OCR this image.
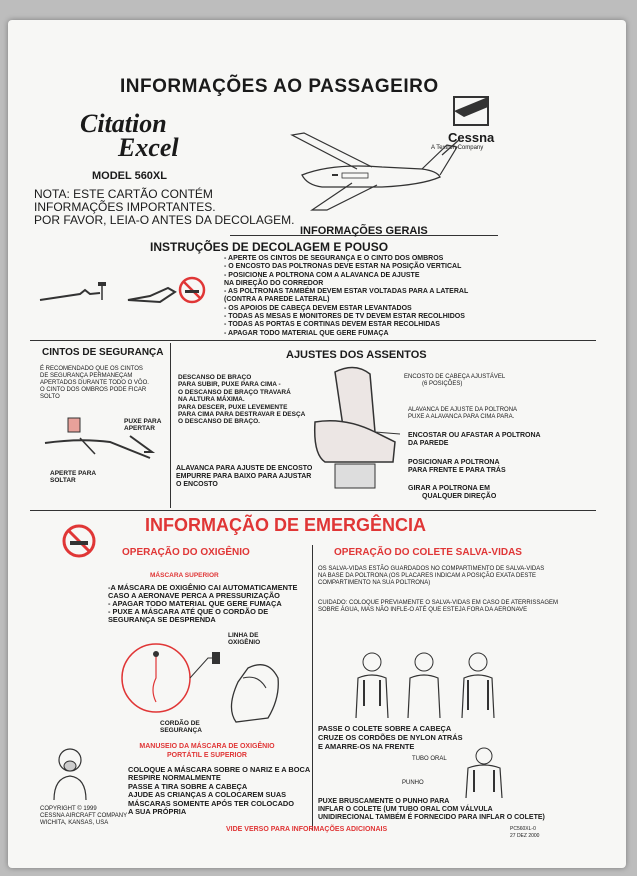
INFORMAÇÕES AO PASSAGEIRO
Cessna
A Textron Company
Citation
Excel
MODEL 560XL
NOTA: ESTE CARTÃO CONTÉM
INFORMAÇÕES IMPORTANTES.
POR FAVOR, LEIA-O ANTES DA DECOLAGEM.
INFORMAÇÕES GERAIS
INSTRUÇÕES DE DECOLAGEM E POUSO
- APERTE OS CINTOS DE SEGURANÇA E O CINTO DOS OMBROS
- O ENCOSTO DAS POLTRONAS DEVE ESTAR NA POSIÇÃO VERTICAL
- POSICIONE A POLTRONA COM A ALAVANCA DE AJUSTE
NA DIREÇÃO DO CORREDOR
- AS POLTRONAS TAMBÉM DEVEM ESTAR VOLTADAS PARA A LATERAL
(CONTRA A PAREDE LATERAL)
- OS APOIOS DE CABEÇA DEVEM ESTAR LEVANTADOS
- TODAS AS MESAS E MONITORES DE TV DEVEM ESTAR RECOLHIDOS
- TODAS AS PORTAS E CORTINAS DEVEM ESTAR RECOLHIDAS
- APAGAR TODO MATERIAL QUE GERE FUMAÇA
CINTOS DE SEGURANÇA
É RECOMENDADO QUE OS CINTOS
DE SEGURANÇA PERMANEÇAM
APERTADOS DURANTE TODO O VÔO.
O CINTO DOS OMBROS PODE FICAR
SOLTO
PUXE PARA
APERTAR
APERTE PARA
SOLTAR
AJUSTES DOS ASSENTOS
DESCANSO DE BRAÇO
PARA SUBIR, PUXE PARA CIMA -
O DESCANSO DE BRAÇO TRAVARÁ
NA ALTURA MÁXIMA.
PARA DESCER, PUXE LEVEMENTE
PARA CIMA PARA DESTRAVAR E DESÇA
O DESCANSO DE BRAÇO.
ALAVANCA PARA AJUSTE DE ENCOSTO
EMPURRE PARA BAIXO PARA AJUSTAR
O ENCOSTO
ENCOSTO DE CABEÇA AJUSTÁVEL
(6 POSIÇÕES)
ALAVANCA DE AJUSTE DA POLTRONA
PUXE A ALAVANCA PARA CIMA PARA.
ENCOSTAR OU AFASTAR A POLTRONA
DA PAREDE
POSICIONAR A POLTRONA
PARA FRENTE E PARA TRÁS
GIRAR A POLTRONA EM
QUALQUER DIREÇÃO
INFORMAÇÃO DE EMERGÊNCIA
OPERAÇÃO DO OXIGÊNIO	OPERAÇÃO DO COLETE SALVA-VIDAS
MÁSCARA SUPERIOR
-A MÁSCARA DE OXIGÊNIO CAI AUTOMATICAMENTE
CASO A AERONAVE PERCA A PRESSURIZAÇÃO
- APAGAR TODO MATERIAL QUE GERE FUMAÇA
- PUXE A MÁSCARA ATÉ QUE O CORDÃO DE
SEGURANÇA SE DESPRENDA
LINHA DE
OXIGÊNIO
CORDÃO DE
SEGURANÇA
MANUSEIO DA MÁSCARA DE OXIGÊNIO
PORTÁTIL E SUPERIOR
COLOQUE A MÁSCARA SOBRE O NARIZ E A BOCA
RESPIRE NORMALMENTE
PASSE A TIRA SOBRE A CABEÇA
AJUDE AS CRIANÇAS A COLOCAREM SUAS
MÁSCARAS SOMENTE APÓS TER COLOCADO
A SUA PRÓPRIA
OS SALVA-VIDAS ESTÃO GUARDADOS NO COMPARTIMENTO DE SALVA-VIDAS
NA BASE DA POLTRONA (OS PLACARES INDICAM A POSIÇÃO EXATA DESTE
COMPARTIMENTO NA SUA POLTRONA)
CUIDADO: COLOQUE PREVIAMENTE O SALVA-VIDAS EM CASO DE ATERRISSAGEM
SOBRE ÁGUA, MAS NÃO INFLE-O ATÉ QUE ESTEJA FORA DA AERONAVE
PASSE O COLETE SOBRE A CABEÇA
CRUZE OS CORDÕES DE NYLON ATRÁS
E AMARRE-OS NA FRENTE
TUBO ORAL
PUNHO
PUXE BRUSCAMENTE O PUNHO PARA
INFLAR O COLETE (UM TUBO ORAL COM VÁLVULA
UNIDIRECIONAL TAMBÉM É FORNECIDO PARA INFLAR O COLETE)
COPYRIGHT © 1999
CESSNA AIRCRAFT COMPANY
WICHITA, KANSAS, USA
VIDE VERSO PARA INFORMAÇÕES ADICIONAIS	PC560XL-0
27 DEZ 2000
